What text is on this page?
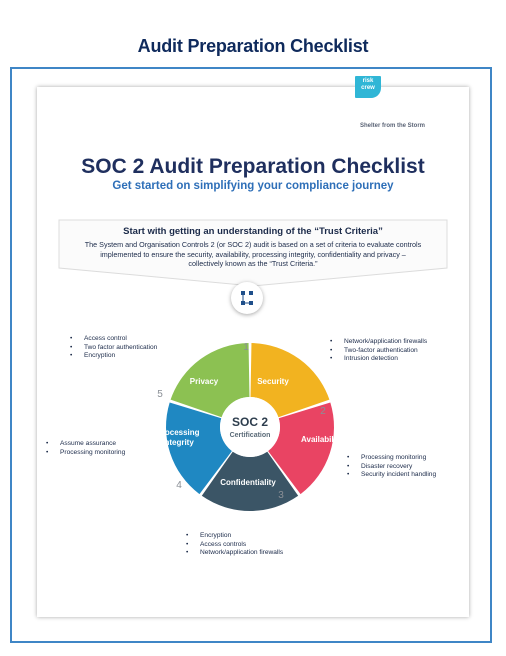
Audit Preparation Checklist
risk
crew
Shelter from the Storm
SOC 2 Audit Preparation Checklist
Get started on simplifying your compliance journey
Start with getting an understanding of the “Trust Criteria”
The System and Organisation Controls 2 (or SOC 2) audit is based on a set of criteria to evaluate controls implemented to ensure the security, availability, processing integrity, confidentiality and privacy – collectively known as the “Trust Criteria.”
SOC 2
Certification
Security
Availability
Confidentiality
Processing
Integrity
Privacy
1
2
3
4
5
• Access control
• Two factor authentication
• Encryption
• Network/application firewalls
• Two-factor authentication
• Intrusion detection
• Assume assurance
• Processing monitoring
• Processing monitoring
• Disaster recovery
• Security incident handling
• Encryption
• Access controls
• Network/application firewalls
